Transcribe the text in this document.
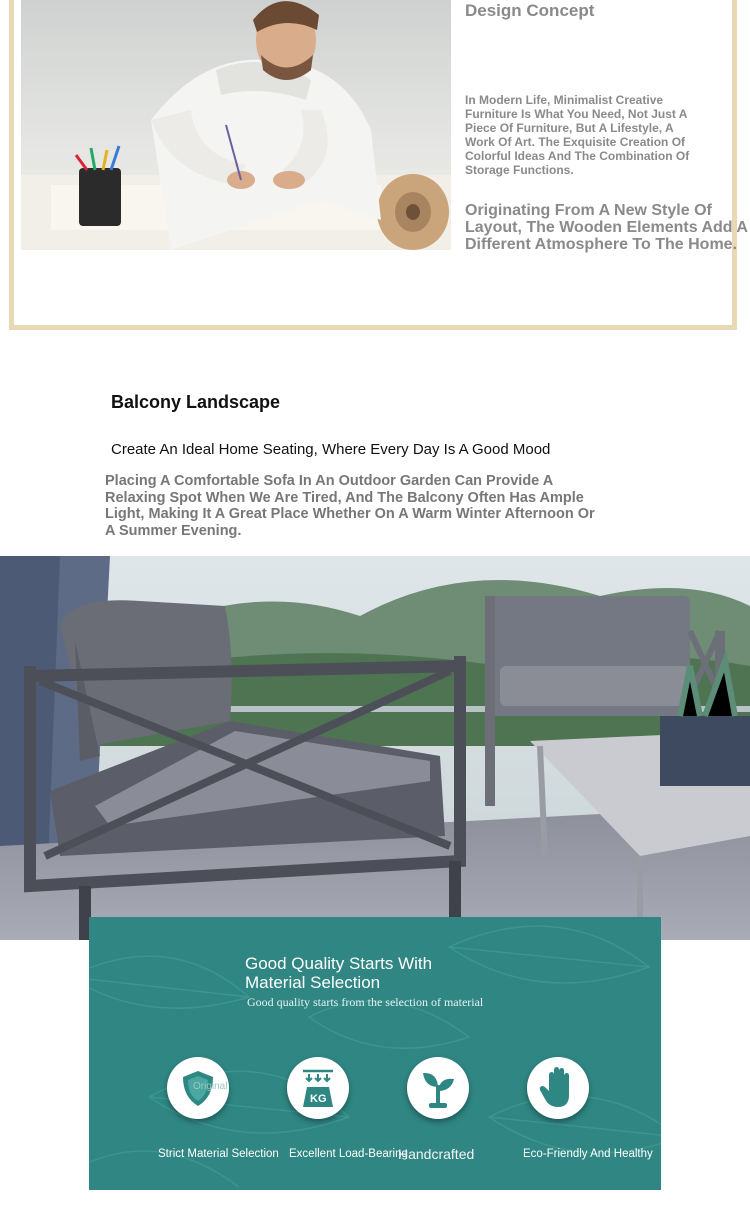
Design Concept
In Modern Life, Minimalist Creative Furniture Is What You Need, Not Just A Piece Of Furniture, But A Lifestyle, A Work Of Art. The Exquisite Creation Of Colorful Ideas And The Combination Of Storage Functions.
Originating From A New Style Of Layout, The Wooden Elements Add A Different Atmosphere To The Home.
Balcony Landscape
Create An Ideal Home Seating, Where Every Day Is A Good Mood
Placing A Comfortable Sofa In An Outdoor Garden Can Provide A Relaxing Spot When We Are Tired, And The Balcony Often Has Ample Light, Making It A Great Place Whether On A Warm Winter Afternoon Or A Summer Evening.
Good Quality Starts With Material Selection
Good quality starts from the selection of material
Original
Strict Material Selection
KG
Excellent Load-Bearing
Handcrafted	Eco-Friendly And Healthy
